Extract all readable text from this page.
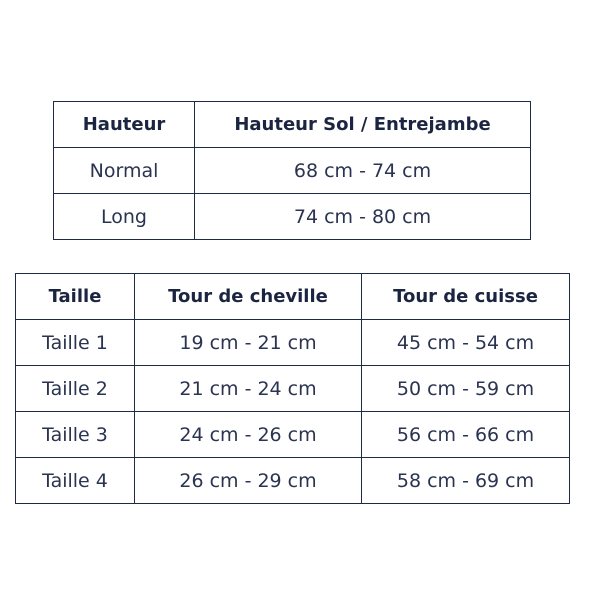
Hauteur	Hauteur Sol / Entrejambe
Normal	68 cm - 74 cm
Long	74 cm - 80 cm
Taille	Tour de cheville	Tour de cuisse
Taille 1	19 cm - 21 cm	45 cm - 54 cm
Taille 2	21 cm - 24 cm	50 cm - 59 cm
Taille 3	24 cm - 26 cm	56 cm - 66 cm
Taille 4	26 cm - 29 cm	58 cm - 69 cm
